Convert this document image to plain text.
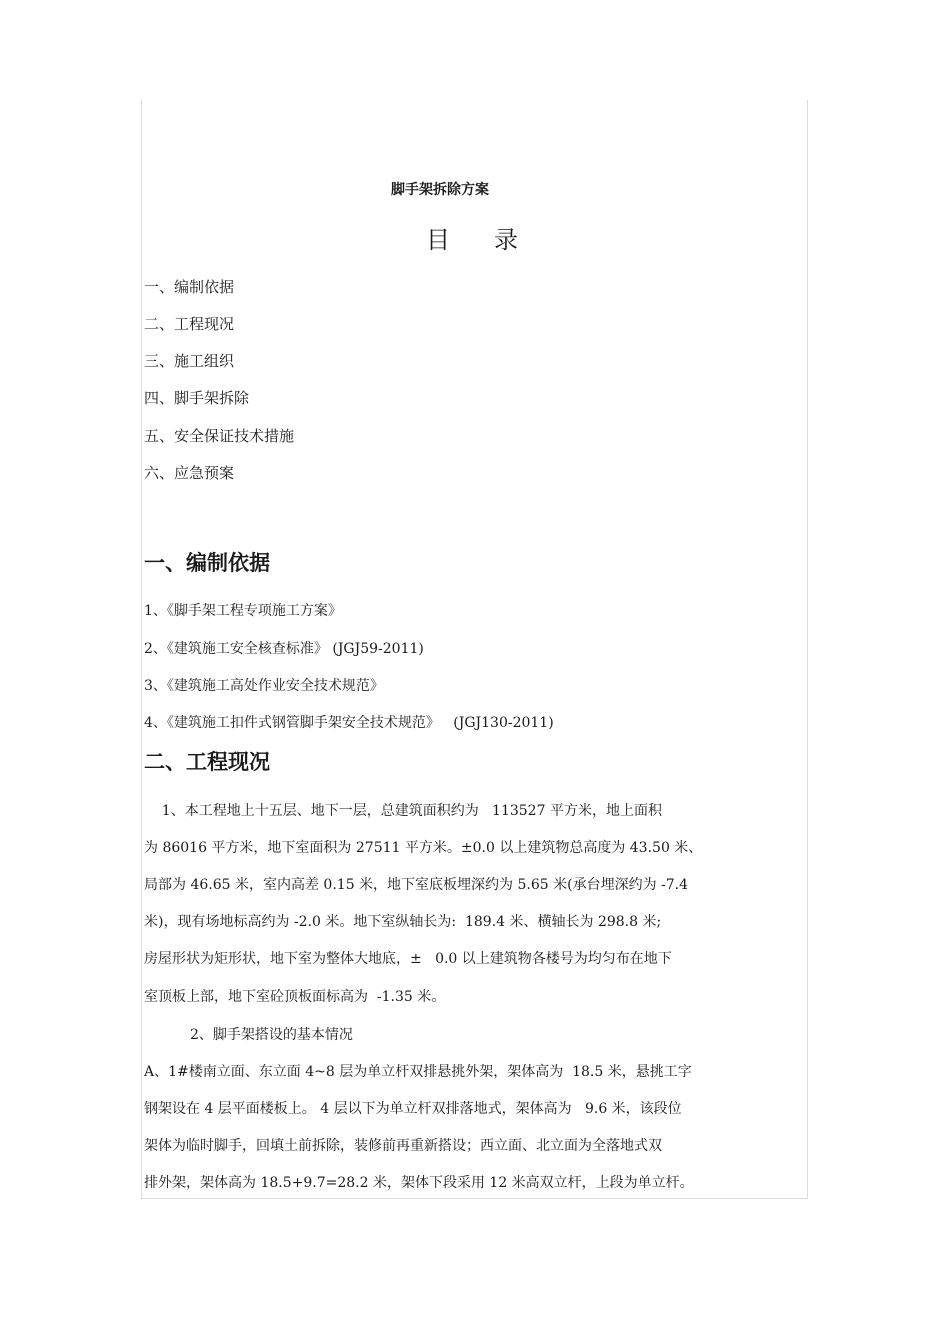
脚手架拆除方案
目录
一、编制依据
二、工程现况
三、施工组织
四、脚手架拆除
五、安全保证技术措施
六、应急预案
一、编制依据
1、《脚手架工程专项施工方案》
2、《建筑施工安全核查标准》 (JGJ59-2011)
3、《建筑施工高处作业安全技术规范》
4、《建筑施工扣件式钢管脚手架安全技术规范》   (JGJ130-2011)
二、工程现况
1、本工程地上十五层、地下一层，总建筑面积约为   113527 平方米，地上面积
为 86016 平方米，地下室面积为 27511 平方米。±0.0 以上建筑物总高度为 43.50 米、
局部为 46.65 米，室内高差 0.15 米，地下室底板埋深约为 5.65 米(承台埋深约为 -7.4
米)，现有场地标高约为 -2.0 米。地下室纵轴长为:  189.4 米、横轴长为 298.8 米;
房屋形状为矩形状，地下室为整体大地底，±   0.0 以上建筑物各楼号为均匀布在地下
室顶板上部，地下室砼顶板面标高为  -1.35 米。
2、脚手架搭设的基本情况
A、1#楼南立面、东立面 4~8 层为单立杆双排悬挑外架，架体高为  18.5 米，悬挑工字
钢架设在 4 层平面楼板上。 4 层以下为单立杆双排落地式，架体高为   9.6 米，该段位
架体为临时脚手，回填土前拆除，装修前再重新搭设；西立面、北立面为全落地式双
排外架，架体高为 18.5+9.7=28.2 米，架体下段采用 12 米高双立杆，上段为单立杆。
